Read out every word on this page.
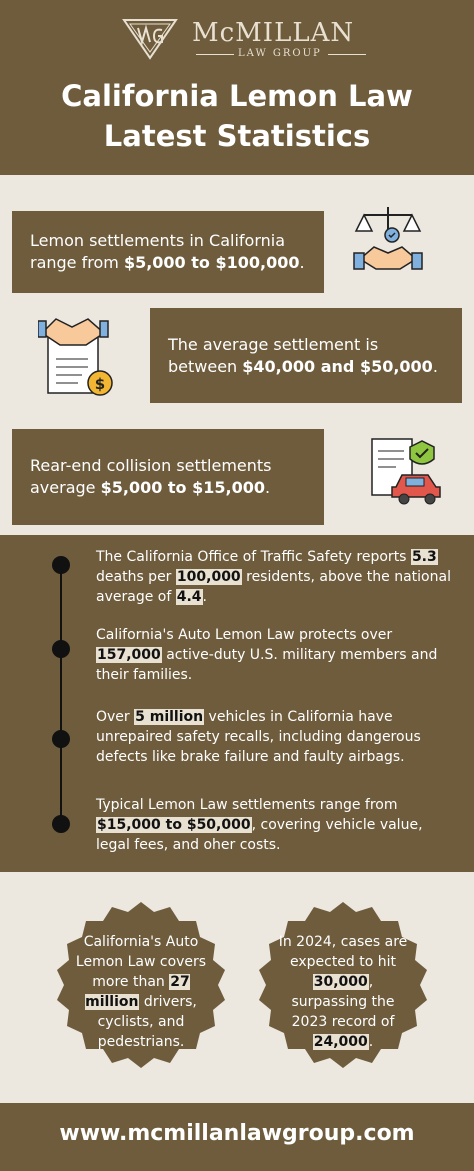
McMILLAN
LAW GROUP
California Lemon Law
Latest Statistics
Lemon settlements in California range from $5,000 to $100,000.
$
The average settlement is between $40,000 and $50,000.
Rear-end collision settlements average $5,000 to $15,000.
The California Office of Traffic Safety reports 5.3 deaths per 100,000 residents, above the national average of 4.4.
California's Auto Lemon Law protects over 157,000 active-duty U.S. military members and their families.
Over 5 million vehicles in California have unrepaired safety recalls, including dangerous defects like brake failure and faulty airbags.
Typical Lemon Law settlements range from $15,000 to $50,000, covering vehicle value, legal fees, and oher costs.
California's Auto Lemon Law covers more than 27 million drivers, cyclists, and pedestrians.
In 2024, cases are expected to hit 30,000, surpassing the 2023 record of 24,000.
www.mcmillanlawgroup.com
